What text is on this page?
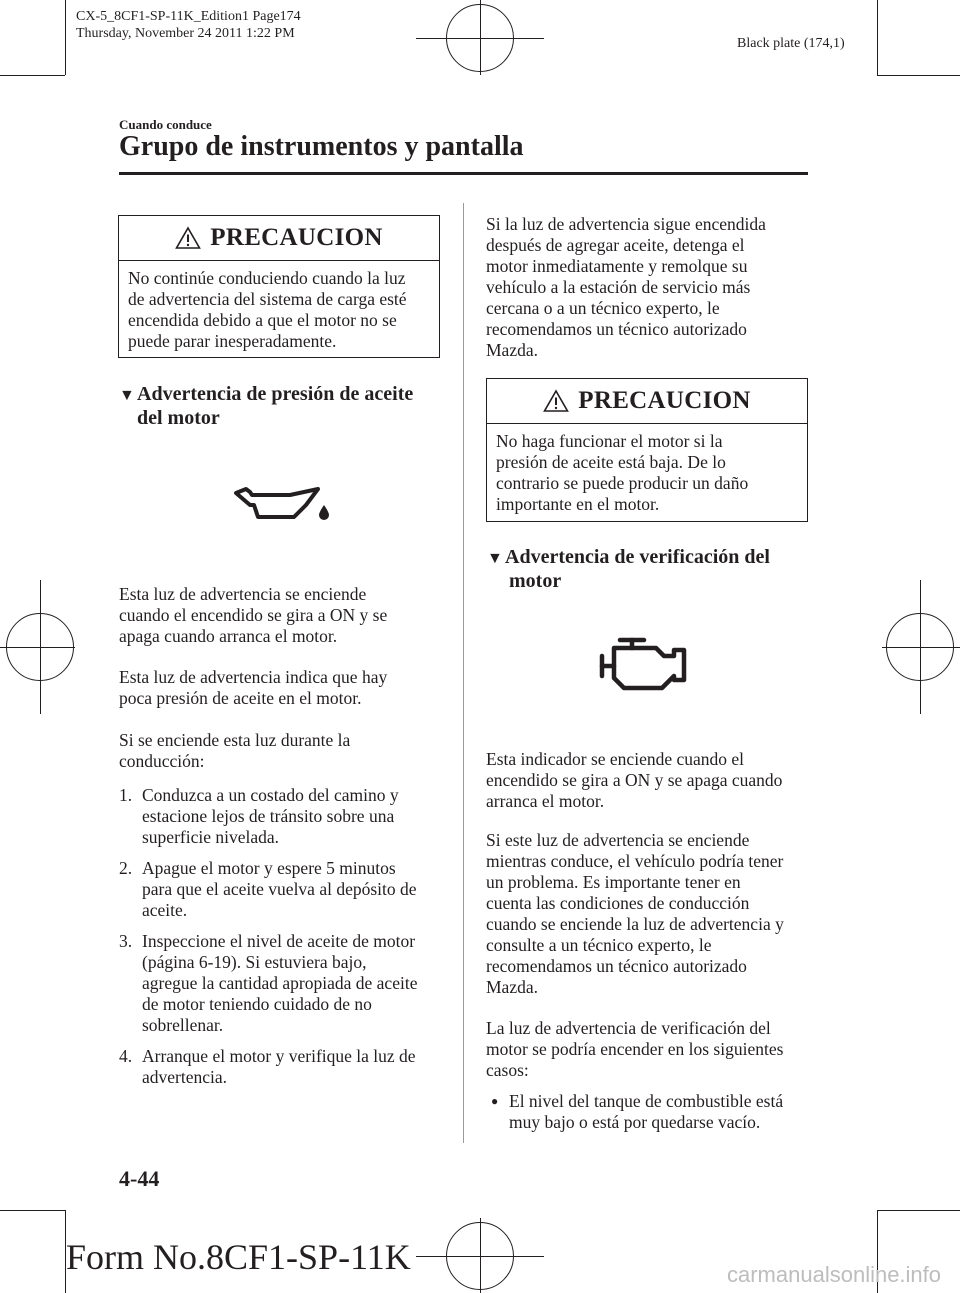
CX-5_8CF1-SP-11K_Edition1 Page174
Thursday, November 24 2011 1:22 PM
Black plate (174,1)
Cuando conduce
Grupo de instrumentos y pantalla
PRECAUCION
No continúe conduciendo cuando la luz
de advertencia del sistema de carga esté
encendida debido a que el motor no se
puede parar inesperadamente.
▼ Advertencia de presión de aceite
del motor
Esta luz de advertencia se enciende
cuando el encendido se gira a ON y se
apaga cuando arranca el motor.
Esta luz de advertencia indica que hay
poca presión de aceite en el motor.
Si se enciende esta luz durante la
conducción:
1. Conduzca a un costado del camino y
estacione lejos de tránsito sobre una
superficie nivelada.
2. Apague el motor y espere 5 minutos
para que el aceite vuelva al depósito de
aceite.
3. Inspeccione el nivel de aceite de motor
(página 6-19). Si estuviera bajo,
agregue la cantidad apropiada de aceite
de motor teniendo cuidado de no
sobrellenar.
4. Arranque el motor y verifique la luz de
advertencia.
Si la luz de advertencia sigue encendida
después de agregar aceite, detenga el
motor inmediatamente y remolque su
vehículo a la estación de servicio más
cercana o a un técnico experto, le
recomendamos un técnico autorizado
Mazda.
PRECAUCION
No haga funcionar el motor si la
presión de aceite está baja. De lo
contrario se puede producir un daño
importante en el motor.
▼ Advertencia de verificación del
motor
Esta indicador se enciende cuando el
encendido se gira a ON y se apaga cuando
arranca el motor.
Si este luz de advertencia se enciende
mientras conduce, el vehículo podría tener
un problema. Es importante tener en
cuenta las condiciones de conducción
cuando se enciende la luz de advertencia y
consulte a un técnico experto, le
recomendamos un técnico autorizado
Mazda.
La luz de advertencia de verificación del
motor se podría encender en los siguientes
casos:
● El nivel del tanque de combustible está
muy bajo o está por quedarse vacío.
4-44
Form No.8CF1-SP-11K	carmanualsonline.info
